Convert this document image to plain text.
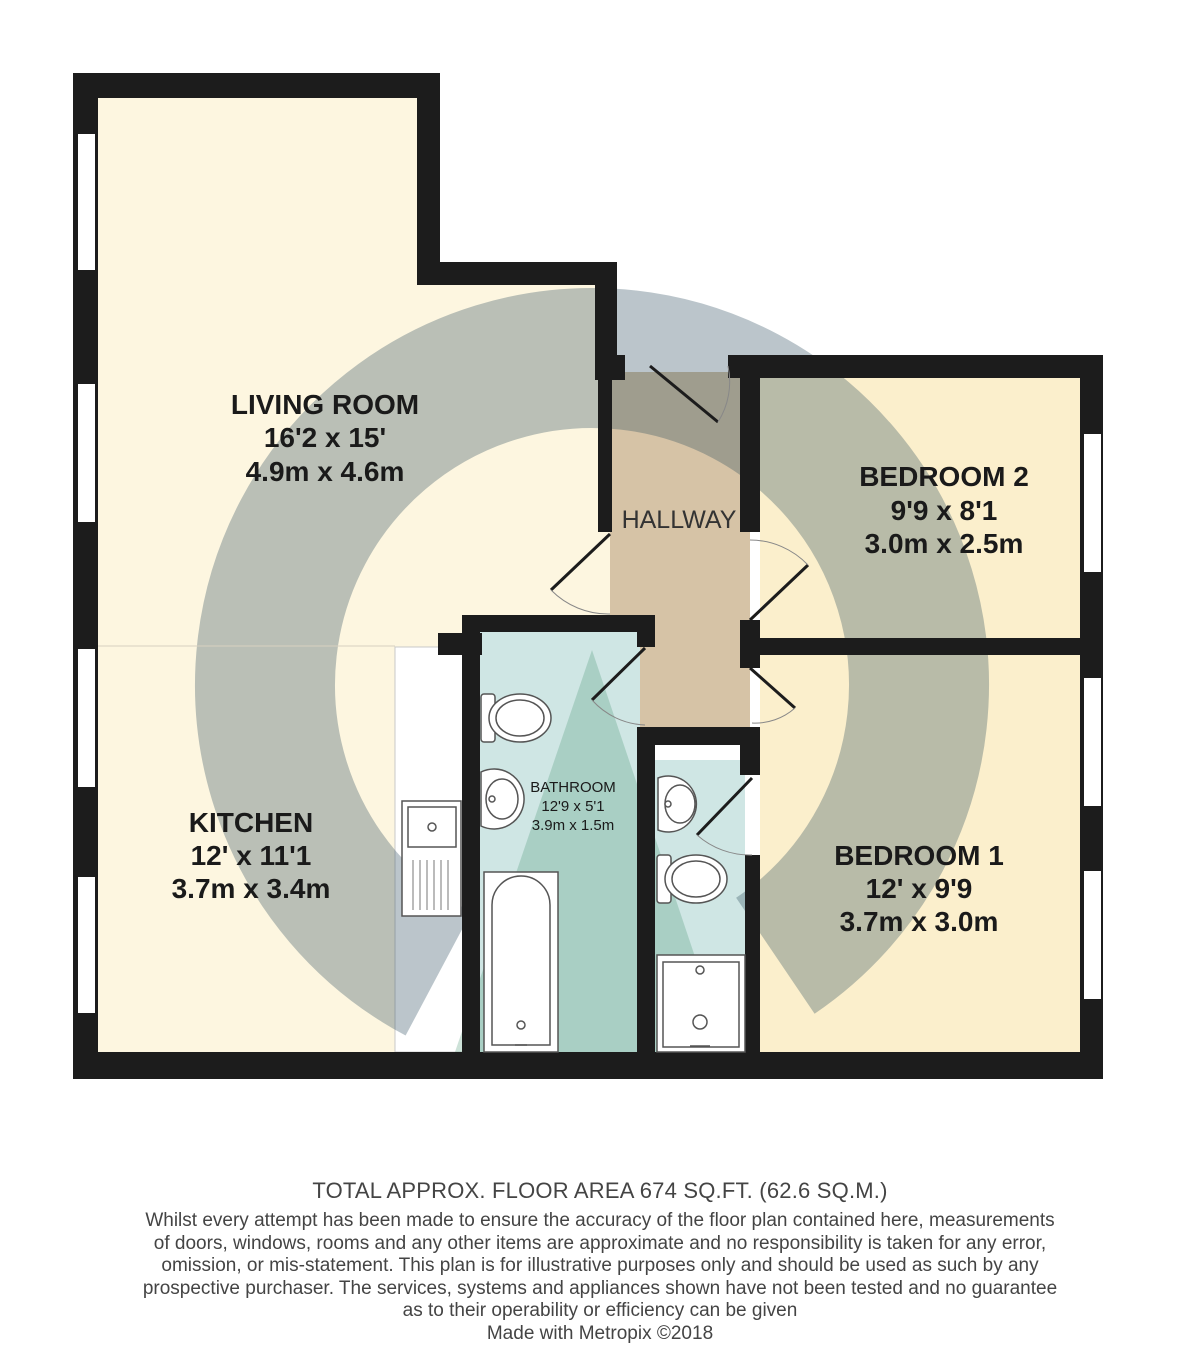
LIVING ROOM
16'2 x 15'
4.9m x 4.6m
KITCHEN
12' x 11'1
3.7m x 3.4m
HALLWAY
BATHROOM
12'9 x 5'1
3.9m x 1.5m
BEDROOM 2
9'9 x 8'1
3.0m x 2.5m
BEDROOM 1
12' x 9'9
3.7m x 3.0m
TOTAL APPROX. FLOOR AREA 674 SQ.FT. (62.6 SQ.M.)
Whilst every attempt has been made to ensure the accuracy of the floor plan contained here, measurements
of doors, windows, rooms and any other items are approximate and no responsibility is taken for any error,
omission, or mis-statement. This plan is for illustrative purposes only and should be used as such by any
prospective purchaser. The services, systems and appliances shown have not been tested and no guarantee
as to their operability or efficiency can be given
Made with Metropix ©2018
